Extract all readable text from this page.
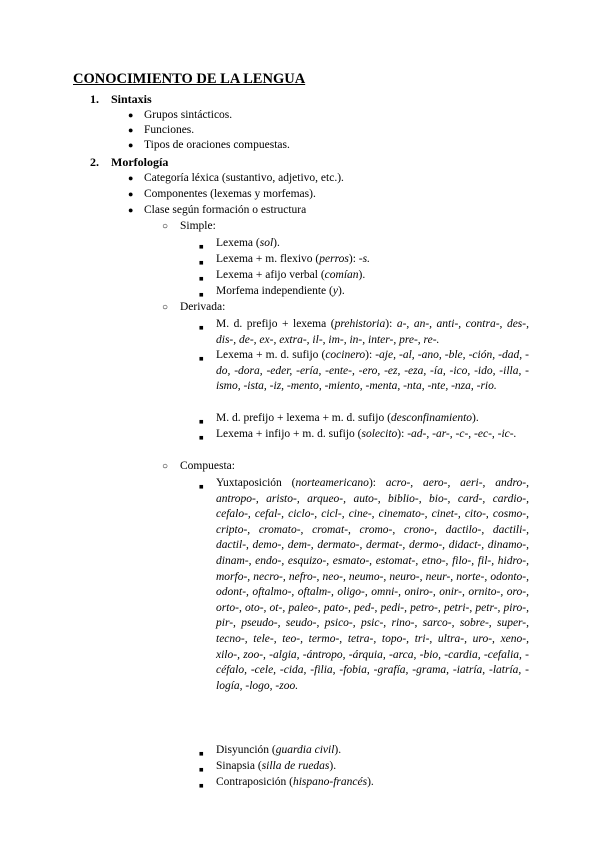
CONOCIMIENTO DE LA LENGUA
1. Sintaxis
● Grupos sintácticos.
● Funciones.
● Tipos de oraciones compuestas.
2. Morfología
● Categoría léxica (sustantivo, adjetivo, etc.).
● Componentes (lexemas y morfemas).
● Clase según formación o estructura
○ Simple:
■ Lexema (sol).
■ Lexema + m. flexivo (perros): -s.
■ Lexema + afijo verbal (comían).
■ Morfema independiente (y).
○ Derivada:
■ M. d. prefijo + lexema (prehistoria): a-, an-, anti-, contra-, des-, dis-, de-, ex-, extra-, il-, im-, in-, inter-, pre-, re-.
■ Lexema + m. d. sufijo (cocinero): -aje, -al, -ano, -ble, -ción, -dad, -do, -dora, -eder, -ería, -ente-, -ero, -ez, -eza, -ía, -ico, -ido, -illa, -ismo, -ista, -iz, -mento, -miento, -menta, -nta, -nte, -nza, -rio.
■ M. d. prefijo + lexema + m. d. sufijo (desconfinamiento).
■ Lexema + infijo + m. d. sufijo (solecito): -ad-, -ar-, -c-, -ec-, -ic-.
○ Compuesta:
■ Yuxtaposición (norteamericano): acro-, aero-, aeri-, andro-, antropo-, aristo-, arqueo-, auto-, biblio-, bio-, card-, cardio-, cefalo-, cefal-, ciclo-, cicl-, cine-, cinemato-, cinet-, cito-, cosmo-, cripto-, cromato-, cromat-, cromo-, crono-, dactilo-, dactili-, dactil-, demo-, dem-, dermato-, dermat-, dermo-, didact-, dinamo-, dinam-, endo-, esquizo-, esmato-, estomat-, etno-, filo-, fil-, hidro-, morfo-, necro-, nefro-, neo-, neumo-, neuro-, neur-, norte-, odonto-, odont-, oftalmo-, oftalm-, oligo-, omni-, oniro-, onir-, ornito-, oro-, orto-, oto-, ot-, paleo-, pato-, ped-, pedi-, petro-, petri-, petr-, piro-, pir-, pseudo-, seudo-, psico-, psic-, rino-, sarco-, sobre-, super-, tecno-, tele-, teo-, termo-, tetra-, topo-, tri-, ultra-, uro-, xeno-, xilo-, zoo-, -algia, -ántropo, -árquia, -arca, -bio, -cardia, -cefalia, -céfalo, -cele, -cida, -filia, -fobia, -grafía, -grama, -iatría, -latría, -logía, -logo, -zoo.
■ Disyunción (guardia civil).
■ Sinapsia (silla de ruedas).
■ Contraposición (hispano-francés).
